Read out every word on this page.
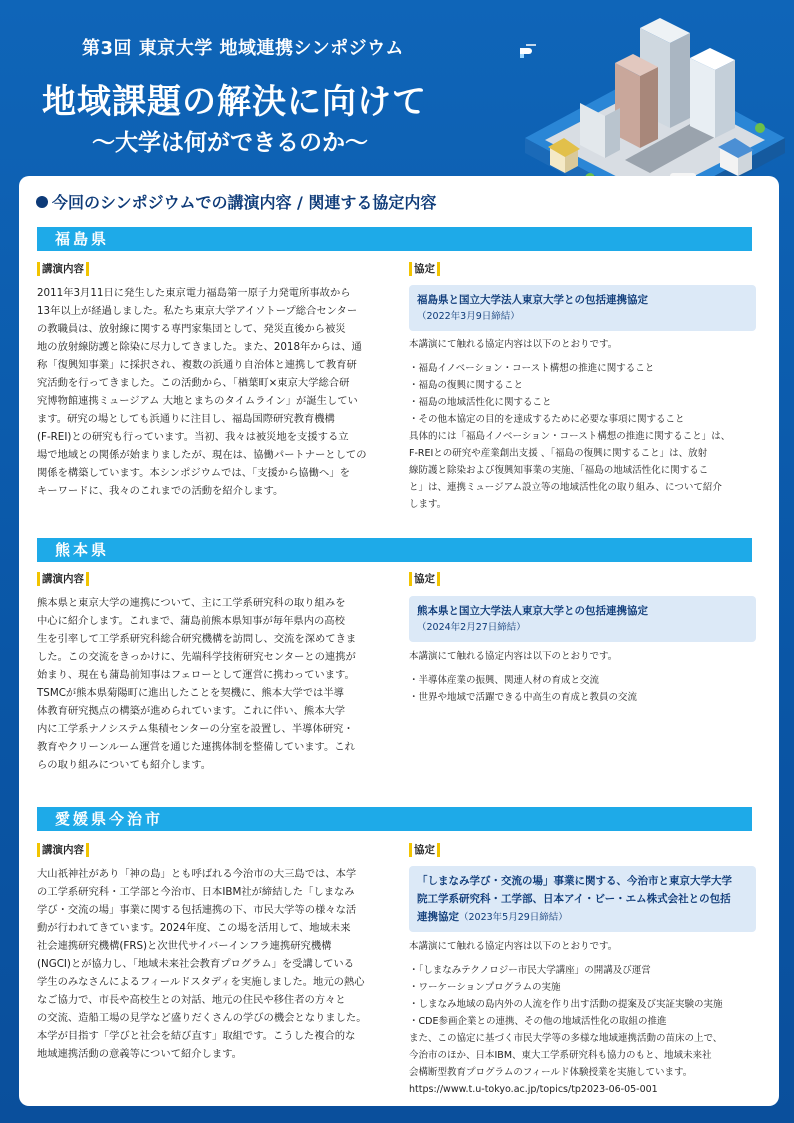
第3回 東京大学 地域連携シンポジウム
地域課題の解決に向けて
～大学は何ができるのか～
今回のシンポジウムでの講演内容 / 関連する協定内容
福島県
講演内容	協定
2011年3月11日に発生した東京電力福島第一原子力発電所事故から
13年以上が経過しました。私たち東京大学アイソトープ総合センター
の教職員は、放射線に関する専門家集団として、発災直後から被災
地の放射線防護と除染に尽力してきました。また、2018年からは、通
称「復興知事業」に採択され、複数の浜通り自治体と連携して教育研
究活動を行ってきました。この活動から、「楢葉町×東京大学総合研
究博物館連携ミュージアム 大地とまちのタイムライン」が誕生してい
ます。研究の場としても浜通りに注目し、福島国際研究教育機構
(F-REI)との研究も行っています。当初、我々は被災地を支援する立
場で地域との関係が始まりましたが、現在は、協働パートナーとしての
関係を構築しています。本シンポジウムでは、「支援から協働へ」を
キーワードに、我々のこれまでの活動を紹介します。
福島県と国立大学法人東京大学との包括連携協定
（2022年3月9日締結）

本講演にて触れる協定内容は以下のとおりです。

・ 福島イノベーション・コースト構想の推進に関すること
・ 福島の復興に関すること
・ 福島の地域活性化に関すること
・ その他本協定の目的を達成するために必要な事項に関すること

具体的には「福島イノベーション・コースト構想の推進に関すること」は、

F-REIとの研究や産業創出支援 、「福島の復興に関すること」は、放射

線防護と除染および復興知事業の実施、「福島の地域活性化に関するこ

と」は、連携ミュージアム設立等の地域活性化の取り組み、について紹介

します。

熊本県
講演内容	協定
熊本県と東京大学の連携について、主に工学系研究科の取り組みを
中心に紹介します。これまで、蒲島前熊本県知事が毎年県内の高校
生を引率して工学系研究科総合研究機構を訪問し、交流を深めてきま
した。この交流をきっかけに、先端科学技術研究センターとの連携が
始まり、現在も蒲島前知事はフェローとして運営に携わっています。
TSMCが熊本県菊陽町に進出したことを契機に、熊本大学では半導
体教育研究拠点の構築が進められています。これに伴い、熊本大学
内に工学系ナノシステム集積センターの分室を設置し、半導体研究・
教育やクリーンルーム運営を通じた連携体制を整備しています。これ
らの取り組みについても紹介します。
熊本県と国立大学法人東京大学との包括連携協定
（2024年2月27日締結）

本講演にて触れる協定内容は以下のとおりです。

・ 半導体産業の振興、関連人材の育成と交流
・ 世界や地域で活躍できる中高生の育成と教員の交流
愛媛県今治市
講演内容	協定
大山祇神社があり「神の島」とも呼ばれる今治市の大三島では、本学
の工学系研究科・工学部と今治市、日本IBM社が締結した「しまなみ
学び・交流の場」事業に関する包括連携の下、市民大学等の様々な活
動が行われてきています。2024年度、この場を活用して、地域未来
社会連携研究機構(FRS)と次世代サイバーインフラ連携研究機構
(NGCI)とが協力し、「地域未来社会教育プログラム」を受講している
学生のみなさんによるフィールドスタディを実施しました。地元の熱心
なご協力で、市長や高校生との対話、地元の住民や移住者の方々と
の交流、造船工場の見学など盛りだくさんの学びの機会となりました。
本学が目指す「学びと社会を結び直す」取組です。こうした複合的な
地域連携活動の意義等について紹介します。
「しまなみ学び・交流の場」事業に関する、今治市と東京大学大学
院工学系研究科・工学部、日本アイ・ビー・エム株式会社との包括
連携協定（2023年5月29日締結）

本講演にて触れる協定内容は以下のとおりです。

・ 「しまなみテクノロジー市民大学講座」の開講及び運営
・ ワーケーションプログラムの実施
・ しまなみ地域の島内外の人流を作り出す活動の提案及び実証実験の実施
・ CDE参画企業との連携、その他の地域活性化の取組の推進

また、この協定に基づく市民大学等の多様な地域連携活動の苗床の上で、

今治市のほか、日本IBM、東大工学系研究科も協力のもと、地域未来社

会構断型教育プログラムのフィールド体験授業を実施しています。

https://www.t.u-tokyo.ac.jp/topics/tp2023-06-05-001
